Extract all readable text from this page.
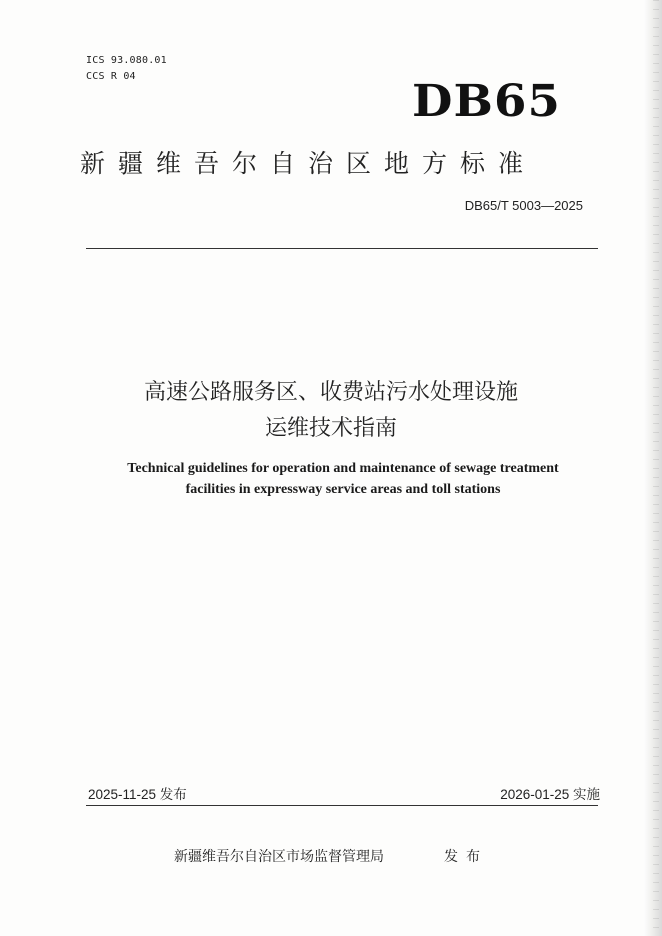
ICS 93.080.01
CCS R 04	DB65
新疆维吾尔自治区地方标准
DB65/T 5003—2025
高速公路服务区、收费站污水处理设施
运维技术指南
Technical guidelines for operation and maintenance of sewage treatment
facilities in expressway service areas and toll stations
2025-11-25 发布	2026-01-25 实施
新疆维吾尔自治区市场监督管理局	发布
